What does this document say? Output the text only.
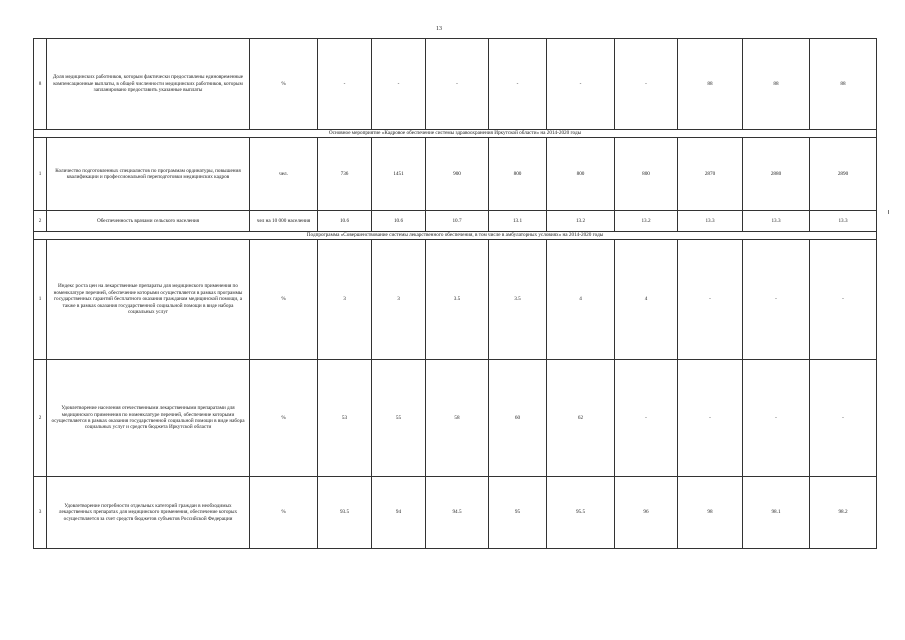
13
8	Доля медицинских работников, которым фактически предоставлены единовременные компенсационные выплаты, в общей численности медицинских работников, которым запланировано предоставить указанные выплаты	%	-	-	-	-	-	-	88	88	88
Основное мероприятие «Кадровое обеспечение системы здравоохранения Иркутской области» на 2014-2020 годы											
1	Количество подготовленных специалистов по программам ординатуры, повышения квалификации и профессиональной переподготовки медицинских кадров	чел.	736	1451	900	800	800	800	2870	2880	2890
2	Обеспеченность врачами сельского населения	чел на 10 000 населения	10.6	10.6	10.7	13.1	13.2	13.2	13.3	13.3	13.3
Подпрограмма «Совершенствование системы лекарственного обеспечения, в том числе в амбулаторных условиях» на 2014-2020 годы											
1	Индекс роста цен на лекарственные препараты для медицинского применения по номенклатуре перечней, обеспечение которыми осуществляется в рамках программы государственных гарантий бесплатного оказания гражданам медицинской помощи, а также в рамках оказания государственной социальной помощи в виде набора социальных услуг	%	3	3	3.5	3.5	4	4	-	-	-
2	Удовлетворение населения отечественными лекарственными препаратами для медицинского применения по номенклатуре перечней, обеспечение которыми осуществляется в рамках оказания государственной социальной помощи в виде набора социальных услуг и средств бюджета Иркутской области	%	53	55	58	60	62	-	-	-	-
3	Удовлетворение потребности отдельных категорий граждан в необходимых лекарственных препаратах для медицинского применения, обеспечение которых осуществляется за счет средств бюджетов субъектов Российской Федерации	%	93.5	94	94.5	95	95.5	96	98	98.1	98.2
